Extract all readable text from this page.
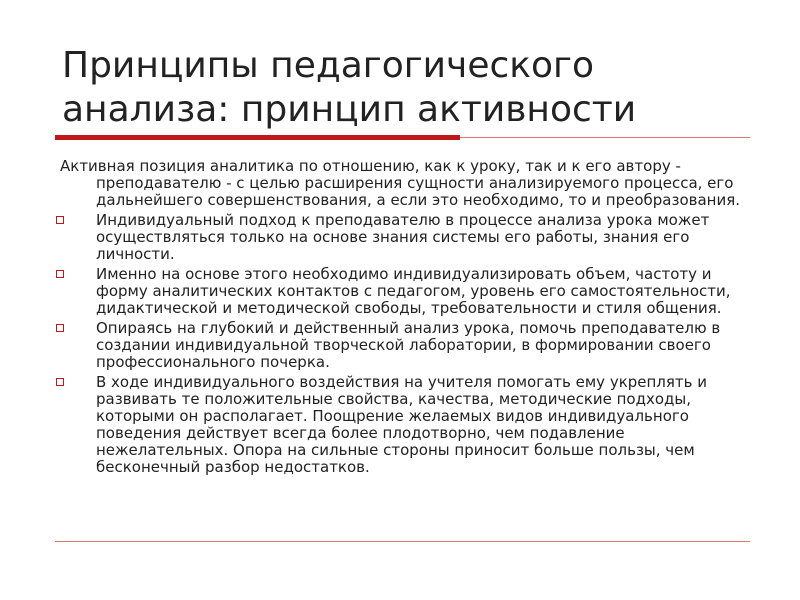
Принципы педагогического
анализа: принцип активности

Активная позиция аналитика по отношению, как к уроку, так и к его автору - преподавателю - с целью расширения сущности анализируемого процесса, его дальнейшего совершенствования, а если это необходимо, то и преобразования.

Индивидуальный подход к преподавателю в процессе анализа урока может осуществляться только на основе знания системы его работы, знания его личности.
Именно на основе этого необходимо индивидуализировать объем, частоту и форму аналитических контактов с педагогом, уровень его самостоятельности, дидактической и методической свободы, требовательности и стиля общения.
Опираясь на глубокий и действенный анализ урока, помочь преподавателю в создании индивидуальной творческой лаборатории, в формировании своего профессионального почерка.
В ходе индивидуального воздействия на учителя помогать ему укреплять и развивать те положительные свойства, качества, методические подходы, которыми он располагает. Поощрение желаемых видов индивидуального поведения действует всегда более плодотворно, чем подавление нежелательных. Опора на сильные стороны приносит больше пользы, чем бесконечный разбор недостатков.
